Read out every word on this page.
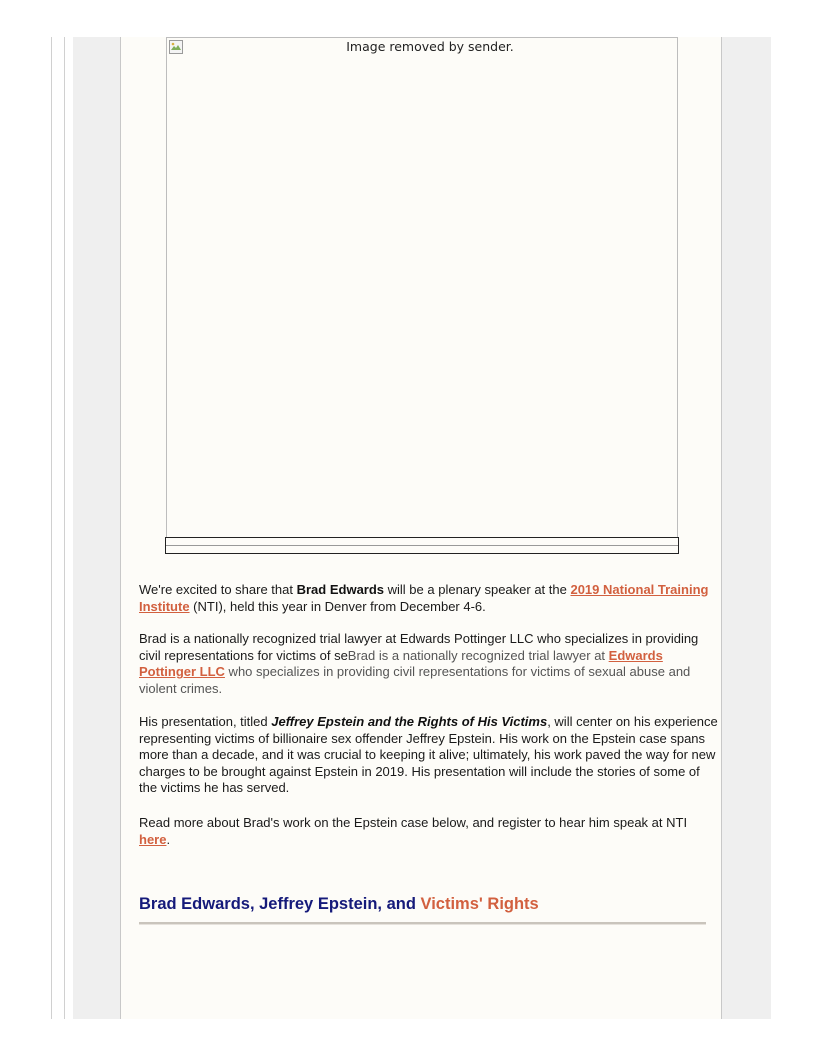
Image removed by sender.

We're excited to share that Brad Edwards will be a plenary speaker at the 2019 National Training Institute (NTI), held this year in Denver from December 4-6.

Brad is a nationally recognized trial lawyer at Edwards Pottinger LLC who specializes in providing civil representations for victims of seBrad is a nationally recognized trial lawyer at Edwards Pottinger LLC who specializes in providing civil representations for victims of sexual abuse and violent crimes.

His presentation, titled Jeffrey Epstein and the Rights of His Victims, will center on his experience representing victims of billionaire sex offender Jeffrey Epstein. His work on the Epstein case spans more than a decade, and it was crucial to keeping it alive; ultimately, his work paved the way for new charges to be brought against Epstein in 2019. His presentation will include the stories of some of the victims he has served.

Read more about Brad's work on the Epstein case below, and register to hear him speak at NTI here.

Brad Edwards, Jeffrey Epstein, and Victims' Rights
